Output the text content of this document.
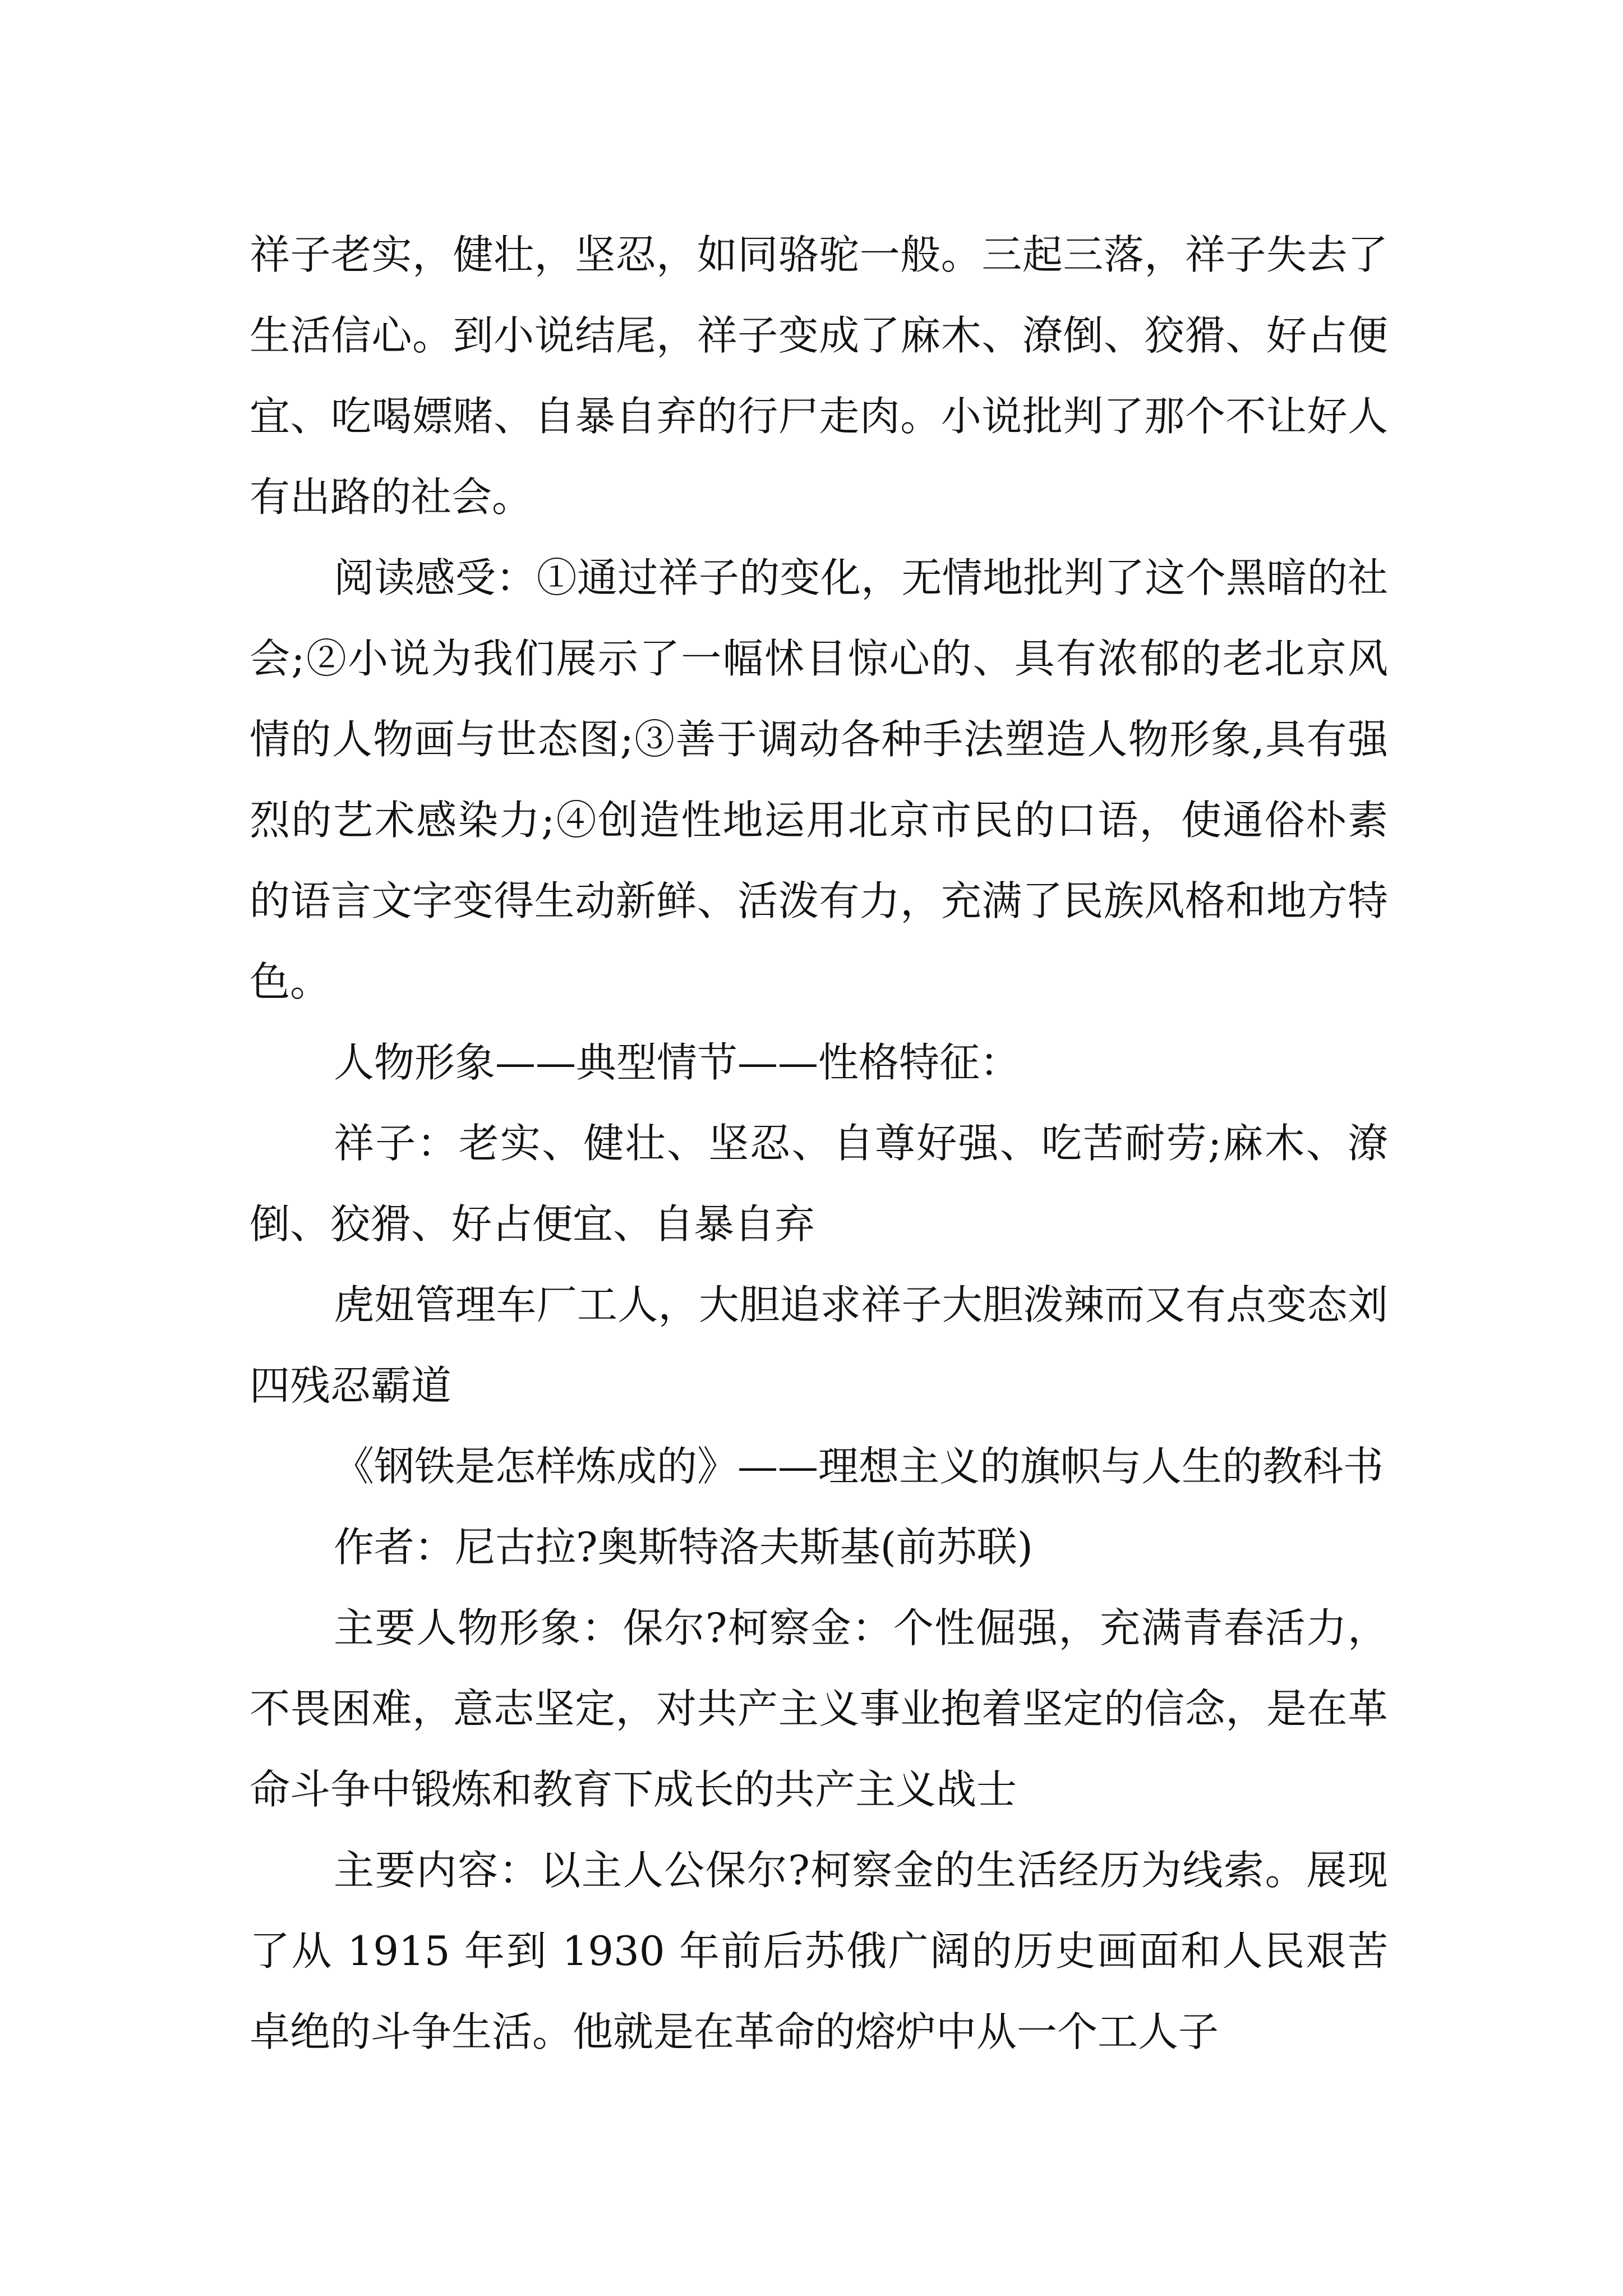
祥子老实，健壮，坚忍，如同骆驼一般。三起三落，祥子失去了生活信心。到小说结尾，祥子变成了麻木、潦倒、狡猾、好占便宜、吃喝嫖赌、自暴自弃的行尸走肉。小说批判了那个不让好人有出路的社会。

阅读感受：①通过祥子的变化，无情地批判了这个黑暗的社会;②小说为我们展示了一幅怵目惊心的、具有浓郁的老北京风情的人物画与世态图;③善于调动各种手法塑造人物形象,具有强烈的艺术感染力;④创造性地运用北京市民的口语，使通俗朴素的语言文字变得生动新鲜、活泼有力，充满了民族风格和地方特色。

人物形象——典型情节——性格特征：

祥子：老实、健壮、坚忍、自尊好强、吃苦耐劳;麻木、潦倒、狡猾、好占便宜、自暴自弃

虎妞管理车厂工人，大胆追求祥子大胆泼辣而又有点变态刘四残忍霸道

《钢铁是怎样炼成的》——理想主义的旗帜与人生的教科书

作者：尼古拉?奥斯特洛夫斯基(前苏联)

主要人物形象：保尔?柯察金：个性倔强，充满青春活力，不畏困难，意志坚定，对共产主义事业抱着坚定的信念，是在革命斗争中锻炼和教育下成长的共产主义战士

主要内容：以主人公保尔?柯察金的生活经历为线索。展现了从 1915 年到 1930 年前后苏俄广阔的历史画面和人民艰苦卓绝的斗争生活。他就是在革命的熔炉中从一个工人子
